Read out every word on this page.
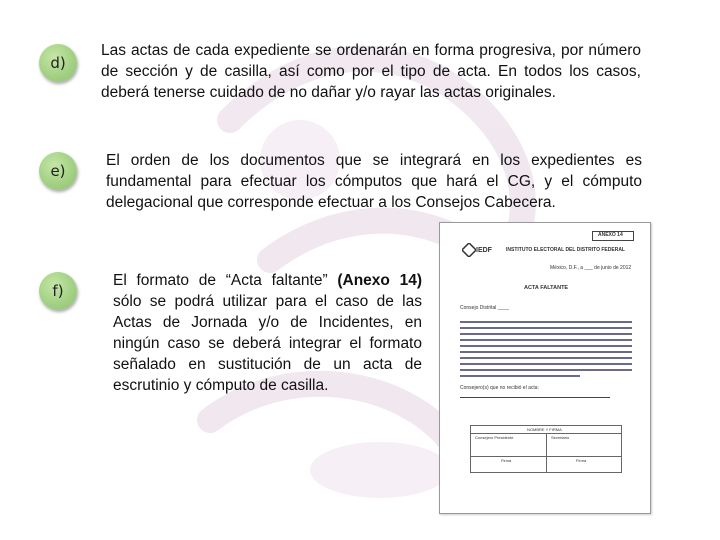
d)
Las actas de cada expediente se ordenarán en forma progresiva, por número de sección y de casilla, así como por el tipo de acta. En todos los casos, deberá tenerse cuidado de no dañar y/o rayar las actas originales.
e)
El orden de los documentos que se integrará en los expedientes es fundamental para efectuar los cómputos que hará el CG, y el cómputo delegacional que corresponde efectuar a los Consejos Cabecera.
f)
El formato de “Acta faltante” (Anexo 14) sólo se podrá utilizar para el caso de las Actas de Jornada y/o de Incidentes, en ningún caso se deberá integrar el formato señalado en sustitución de un acta de escrutinio y cómputo de casilla.
ANEXO 14
IEDF	INSTITUTO ELECTORAL DEL DISTRITO FEDERAL
México, D.F., a ___ de junio de 2012
ACTA FALTANTE
Consejo Distrital ____
Consejero(s) que no recibió el acta:
NOMBRE Y FIRMA
Consejero Presidente	Secretario
Firma	Firma
